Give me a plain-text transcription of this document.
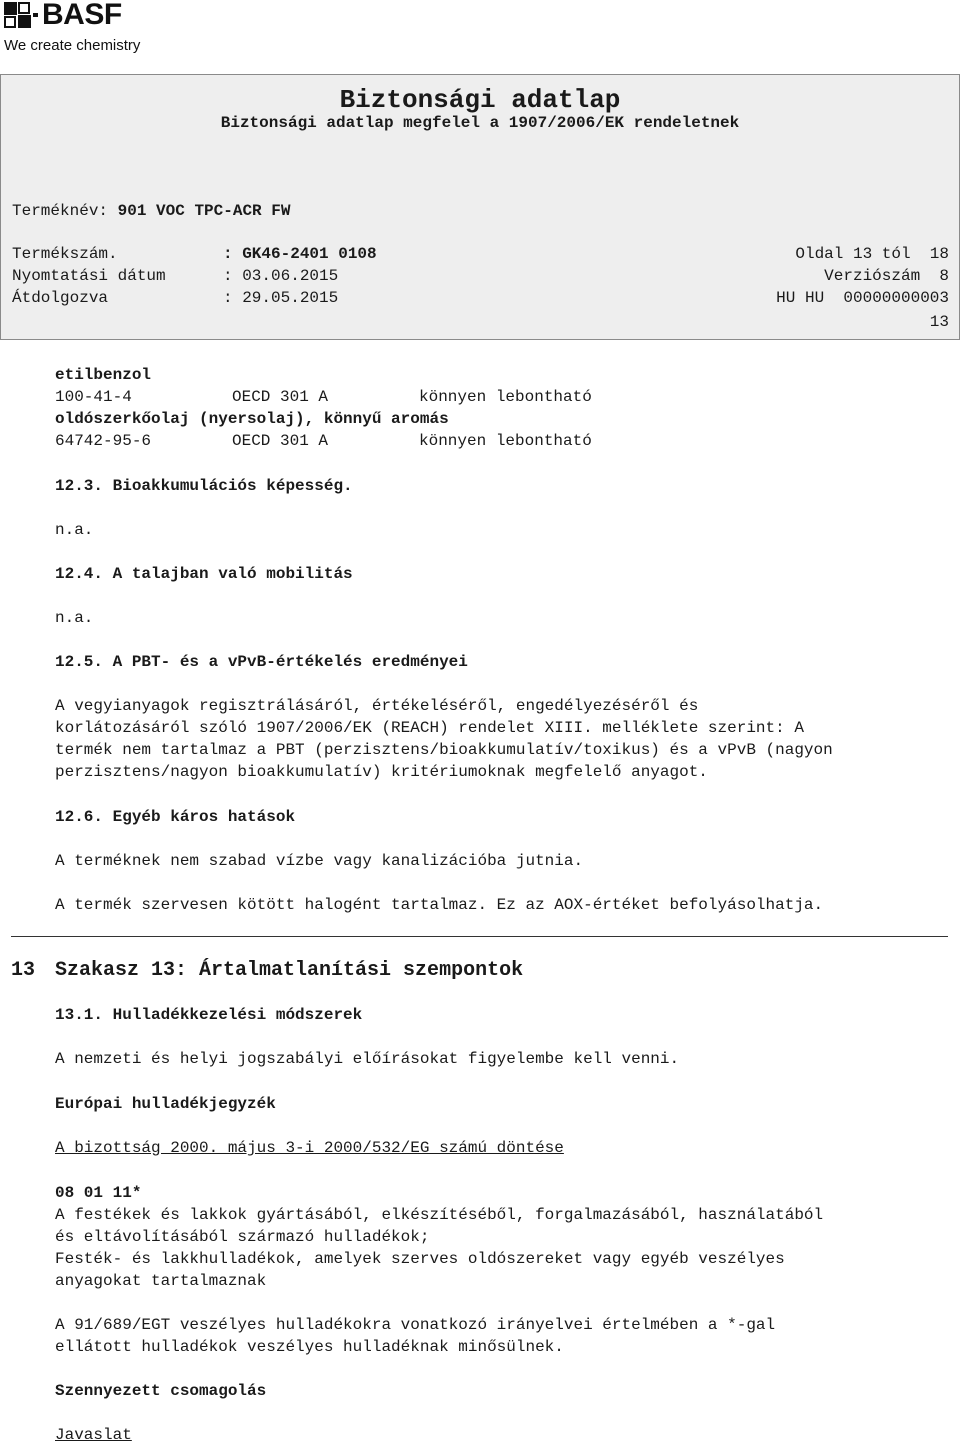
BASF
We create chemistry
Biztonsági adatlap
Biztonsági adatlap megfelel a 1907/2006/EK rendeletnek
Terméknév: 901 VOC TPC-ACR FW
Termékszám.	: GK46-2401 0108	Oldal 13 tól  18
Nyomtatási dátum	: 03.06.2015	Verziószám  8
Átdolgozva	: 29.05.2015	HU HU  00000000003
13
etilbenzol
100-41-4	OECD 301 A	könnyen lebontható
oldószerkőolaj (nyersolaj), könnyű aromás
64742-95-6	OECD 301 A	könnyen lebontható
12.3. Bioakkumulációs képesség.
n.a.
12.4. A talajban való mobilitás
n.a.
12.5. A PBT- és a vPvB-értékelés eredményei
A vegyianyagok regisztrálásáról, értékeléséről, engedélyezéséről és
korlátozásáról szóló 1907/2006/EK (REACH) rendelet XIII. melléklete szerint: A
termék nem tartalmaz a PBT (perzisztens/bioakkumulatív/toxikus) és a vPvB (nagyon
perzisztens/nagyon bioakkumulatív) kritériumoknak megfelelő anyagot.
12.6. Egyéb káros hatások
A terméknek nem szabad vízbe vagy kanalizációba jutnia.
A termék szervesen kötött halogént tartalmaz. Ez az AOX-értéket befolyásolhatja.
13 Szakasz 13: Ártalmatlanítási szempontok
13.1. Hulladékkezelési módszerek
A nemzeti és helyi jogszabályi előírásokat figyelembe kell venni.
Európai hulladékjegyzék
A bizottság 2000. május 3-i 2000/532/EG számú döntése
08 01 11*
A festékek és lakkok gyártásából, elkészítéséből, forgalmazásából, használatából
és eltávolításából származó hulladékok;
Festék- és lakkhulladékok, amelyek szerves oldószereket vagy egyéb veszélyes
anyagokat tartalmaznak
A 91/689/EGT veszélyes hulladékokra vonatkozó irányelvei értelmében a *-gal
ellátott hulladékok veszélyes hulladéknak minősülnek.
Szennyezett csomagolás
Javaslat
